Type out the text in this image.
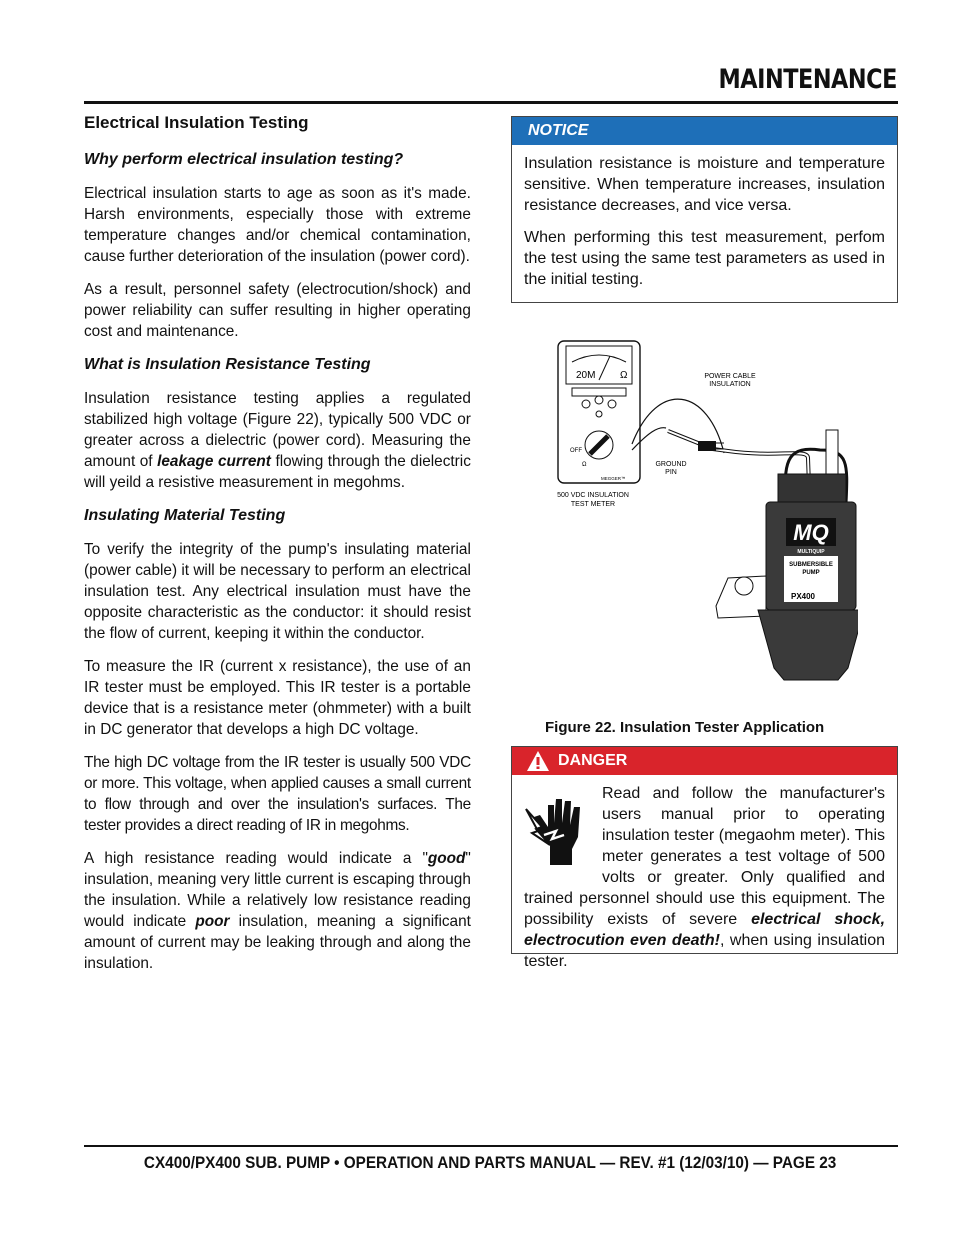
MAINTENANCE
Electrical Insulation Testing
Why perform electrical insulation testing?

Electrical insulation starts to age as soon as it's made. Harsh environments, especially those with extreme temperature changes and/or chemical contamination, cause further deterioration of the insulation (power cord).

As a result, personnel safety (electrocution/shock) and power reliability can suffer resulting in higher operating cost and maintenance.

What is Insulation Resistance Testing

Insulation resistance testing applies a regulated stabilized high voltage (Figure 22), typically 500 VDC or greater across a dielectric (power cord). Measuring the amount of leakage current flowing through the dielectric will yeild a resistive measurement in megohms.

Insulating Material Testing

To verify the integrity of the pump's insulating material (power cable) it will be necessary to perform an electrical insulation test. Any electrical insulation must have the opposite characteristic as the conductor: it should resist the flow of current, keeping it within the conductor.

To measure the IR (current x resistance), the use of an IR tester must be employed. This IR tester is a portable device that is a resistance meter (ohmmeter) with a built in DC generator that develops a high DC voltage.

The high DC voltage from the IR tester is usually 500 VDC or more. This voltage, when applied causes a small current to flow through and over the insulation's surfaces. The tester provides a direct reading of IR in megohms.

A high resistance reading would indicate a "good" insulation, meaning very little current is escaping through the insulation. While a relatively low resistance reading would indicate poor insulation, meaning a significant amount of current may be leaking through and along the insulation.

NOTICE

Insulation resistance is moisture and temperature sensitive. When temperature increases, insulation resistance decreases, and vice versa.

When performing this test measurement, perfom the test using the same test parameters as used in the initial testing.

20M Ω
OFF
Ω
MEGGER™
500 VDC INSULATION
TEST METER
POWER CABLE
INSULATION
GROUND
PIN
MQ
MULTIQUIP
SUBMERSIBLE
PUMP
PX400
Figure 22. Insulation Tester Application
DANGER
Read and follow the manufacturer's users manual prior to operating insulation tester (megaohm meter). This meter generates a test voltage of 500 volts or greater. Only qualified and trained personnel should use this equipment. The possibility exists of severe electrical shock, electrocution even death!, when using insulation tester.
CX400/PX400 SUB. PUMP • OPERATION AND PARTS MANUAL — REV. #1 (12/03/10) — PAGE 23
